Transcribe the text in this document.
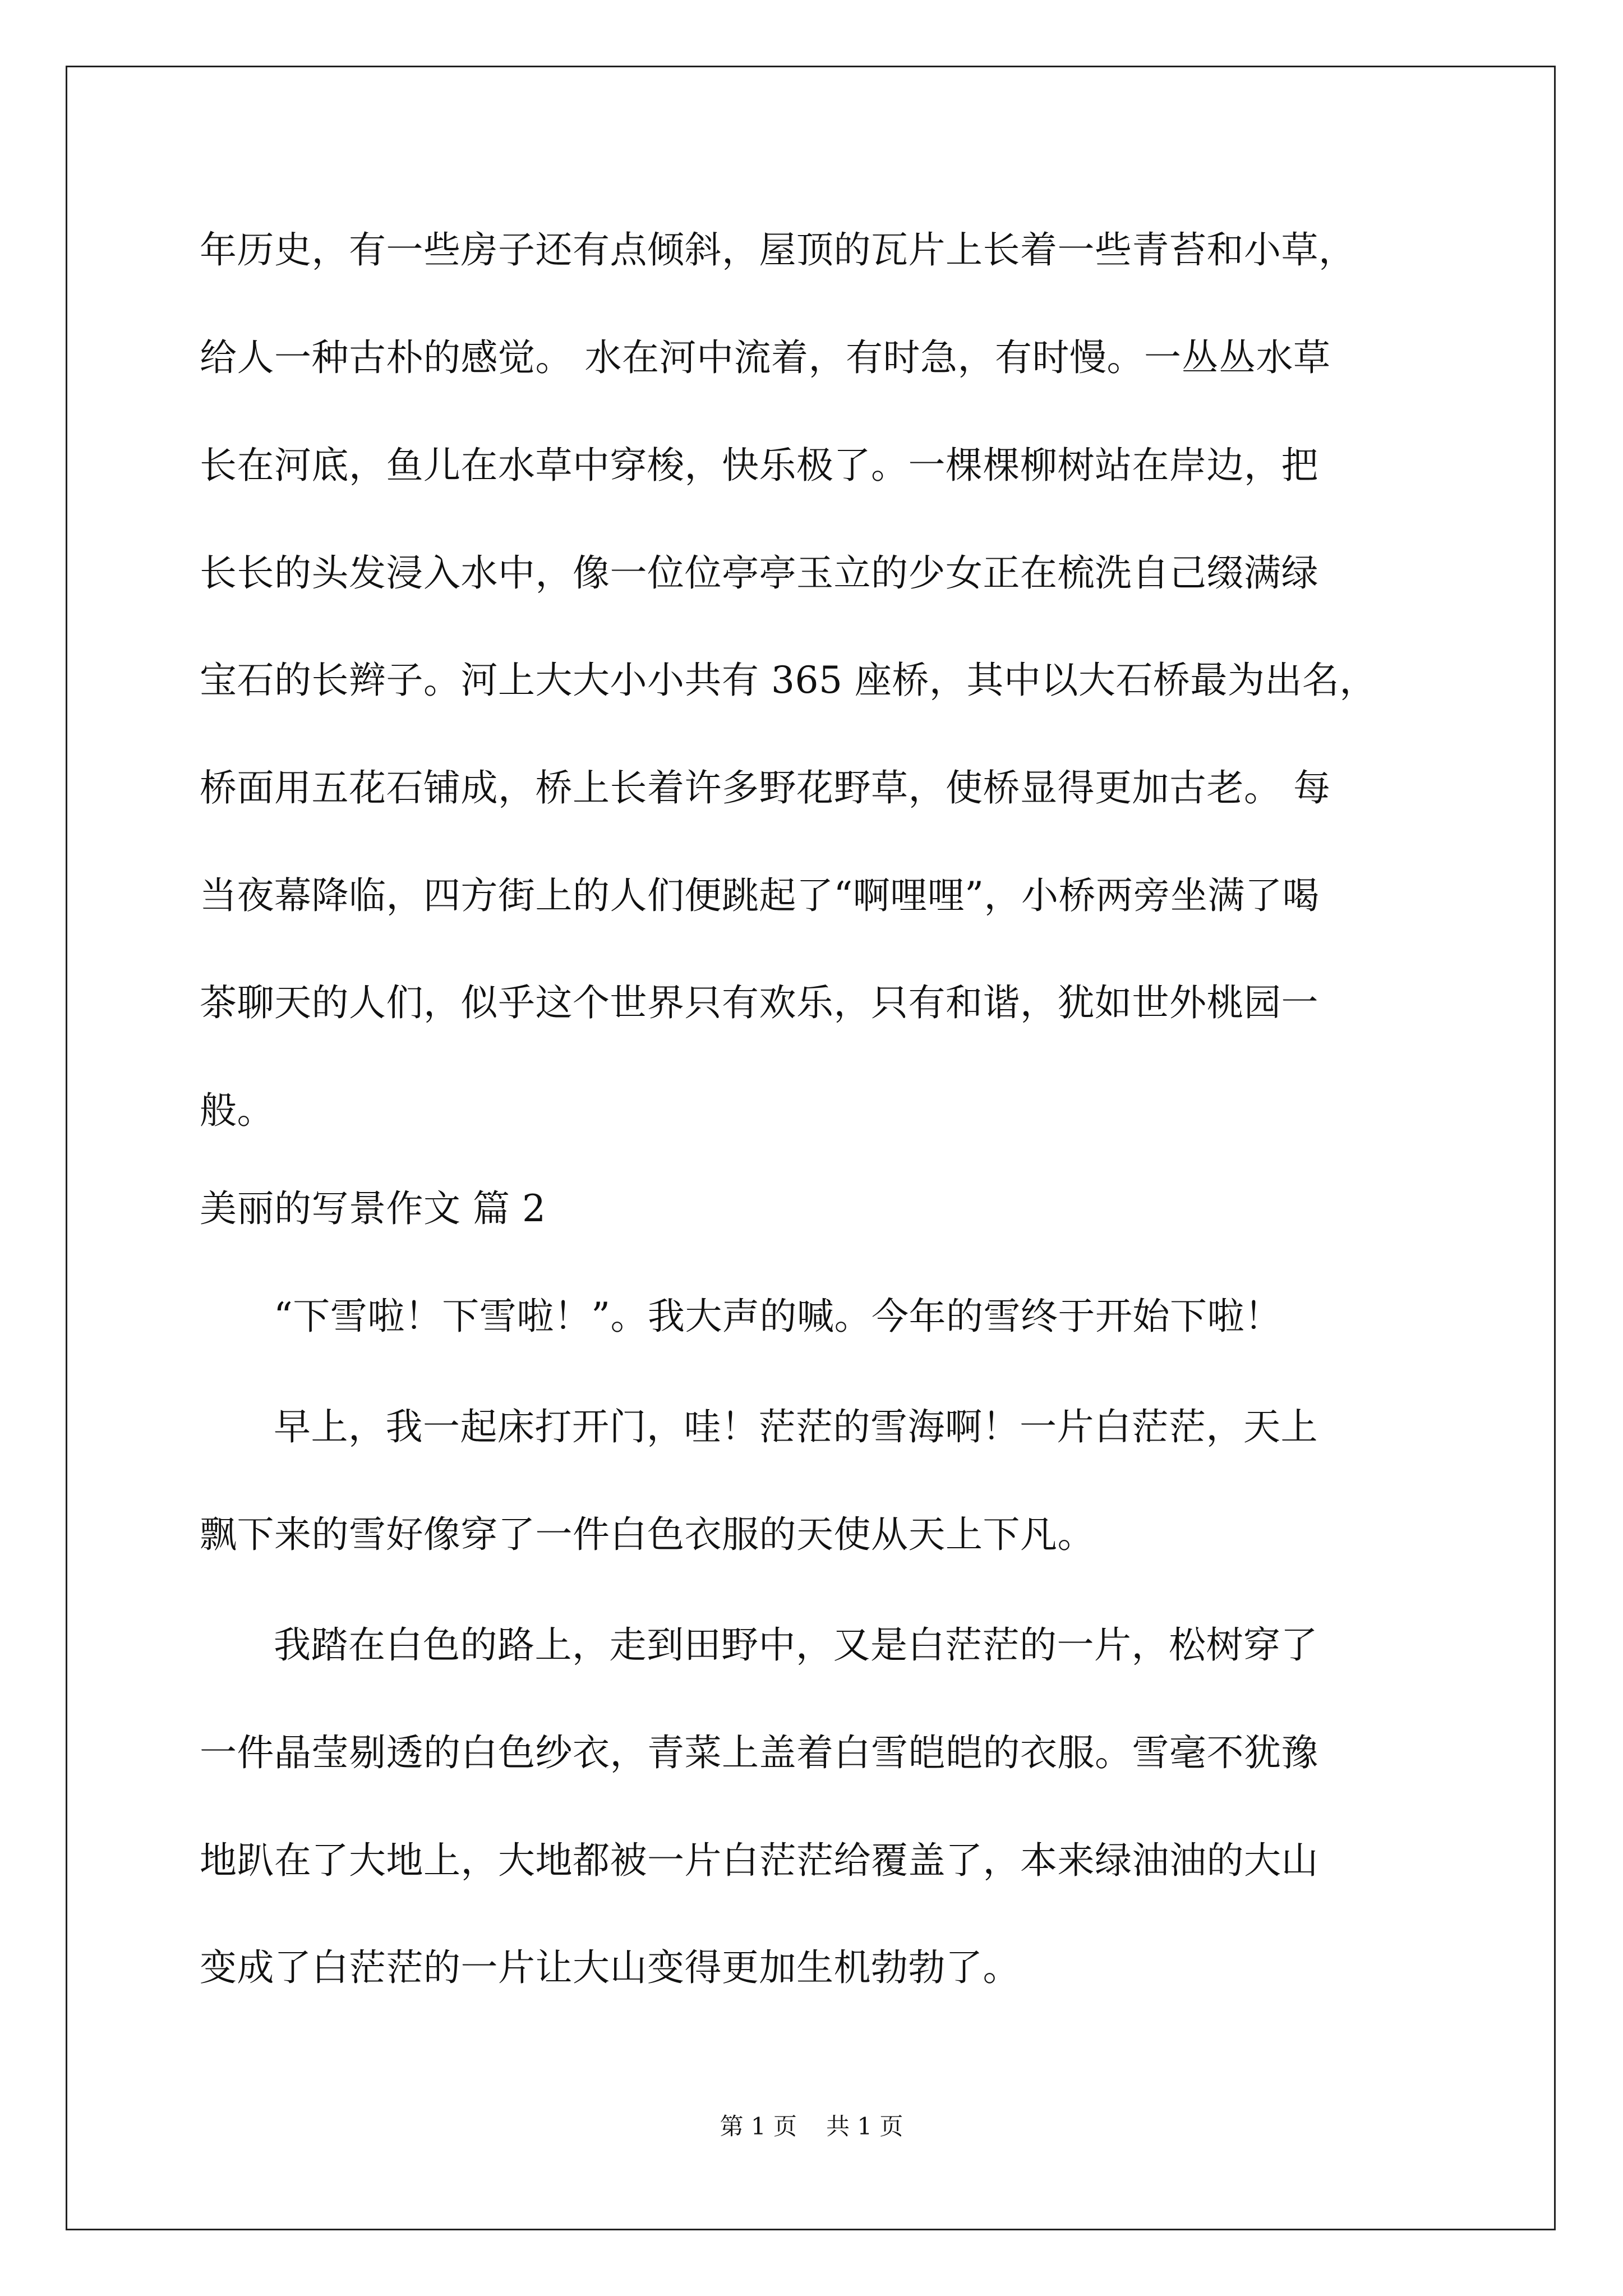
年历史，有一些房子还有点倾斜，屋顶的瓦片上长着一些青苔和小草，

给人一种古朴的感觉。 水在河中流着，有时急，有时慢。一丛丛水草

长在河底，鱼儿在水草中穿梭，快乐极了。一棵棵柳树站在岸边，把

长长的头发浸入水中，像一位位亭亭玉立的少女正在梳洗自己缀满绿

宝石的长辫子。河上大大小小共有 365 座桥，其中以大石桥最为出名，

桥面用五花石铺成，桥上长着许多野花野草，使桥显得更加古老。 每

当夜幕降临，四方街上的人们便跳起了“啊哩哩”，小桥两旁坐满了喝

茶聊天的人们，似乎这个世界只有欢乐，只有和谐，犹如世外桃园一

般。

美丽的写景作文 篇 2

“下雪啦！下雪啦！”。我大声的喊。今年的雪终于开始下啦！

早上，我一起床打开门，哇！茫茫的雪海啊！一片白茫茫，天上

飘下来的雪好像穿了一件白色衣服的天使从天上下凡。

我踏在白色的路上，走到田野中，又是白茫茫的一片，松树穿了

一件晶莹剔透的白色纱衣，青菜上盖着白雪皑皑的衣服。雪毫不犹豫

地趴在了大地上，大地都被一片白茫茫给覆盖了，本来绿油油的大山

变成了白茫茫的一片让大山变得更加生机勃勃了。

第 1 页 共 1 页
